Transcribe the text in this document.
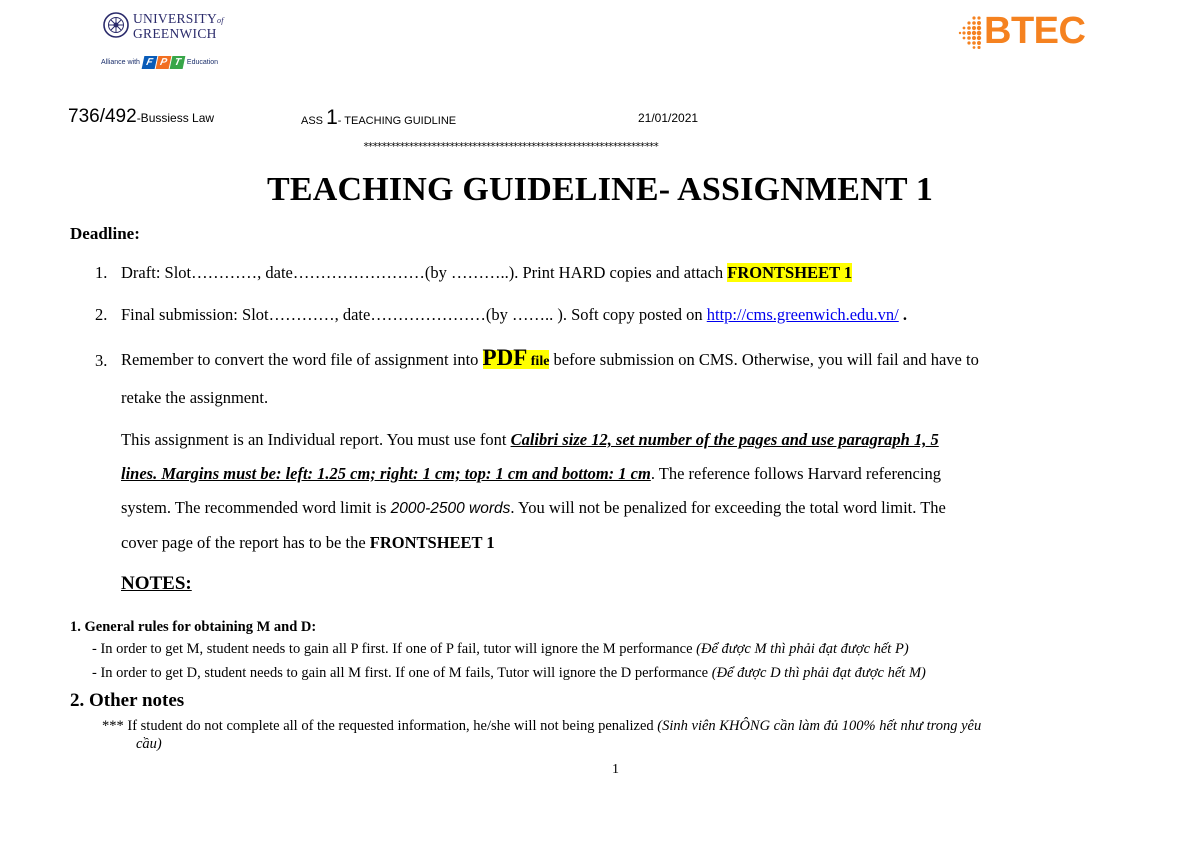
UNIVERSITYof
GREENWICH
Alliance with F P T Education
BTEC
736/492-Bussiess Law	ASS 1- TEACHING GUIDLINE	21/01/2021
*****************************************************************
TEACHING GUIDELINE- ASSIGNMENT 1
Deadline:
1. Draft: Slot…………, date……………………(by ………..). Print HARD copies and attach FRONTSHEET 1
2. Final submission: Slot…………, date…………………(by …….. ). Soft copy posted on http://cms.greenwich.edu.vn/ .
3. Remember to convert the word file of assignment into PDF file before submission on CMS. Otherwise, you will fail and have to
retake the assignment.
This assignment is an Individual report. You must use font Calibri size 12, set number of the pages and use paragraph 1, 5
lines. Margins must be: left: 1.25 cm; right: 1 cm; top: 1 cm and bottom: 1 cm. The reference follows Harvard referencing
system. The recommended word limit is 2000-2500 words. You will not be penalized for exceeding the total word limit. The
cover page of the report has to be the FRONTSHEET 1
NOTES:
1. General rules for obtaining M and D:
- In order to get M, student needs to gain all P first. If one of P fail, tutor will ignore the M performance (Để được M thì phải đạt được hết P)
- In order to get D, student needs to gain all M first. If one of M fails, Tutor will ignore the D performance (Để được D thì phải đạt được hết M)
2. Other notes
*** If student do not complete all of the requested information, he/she will not being penalized (Sinh viên KHÔNG cần làm đủ 100% hết như trong yêu
cầu)
1
